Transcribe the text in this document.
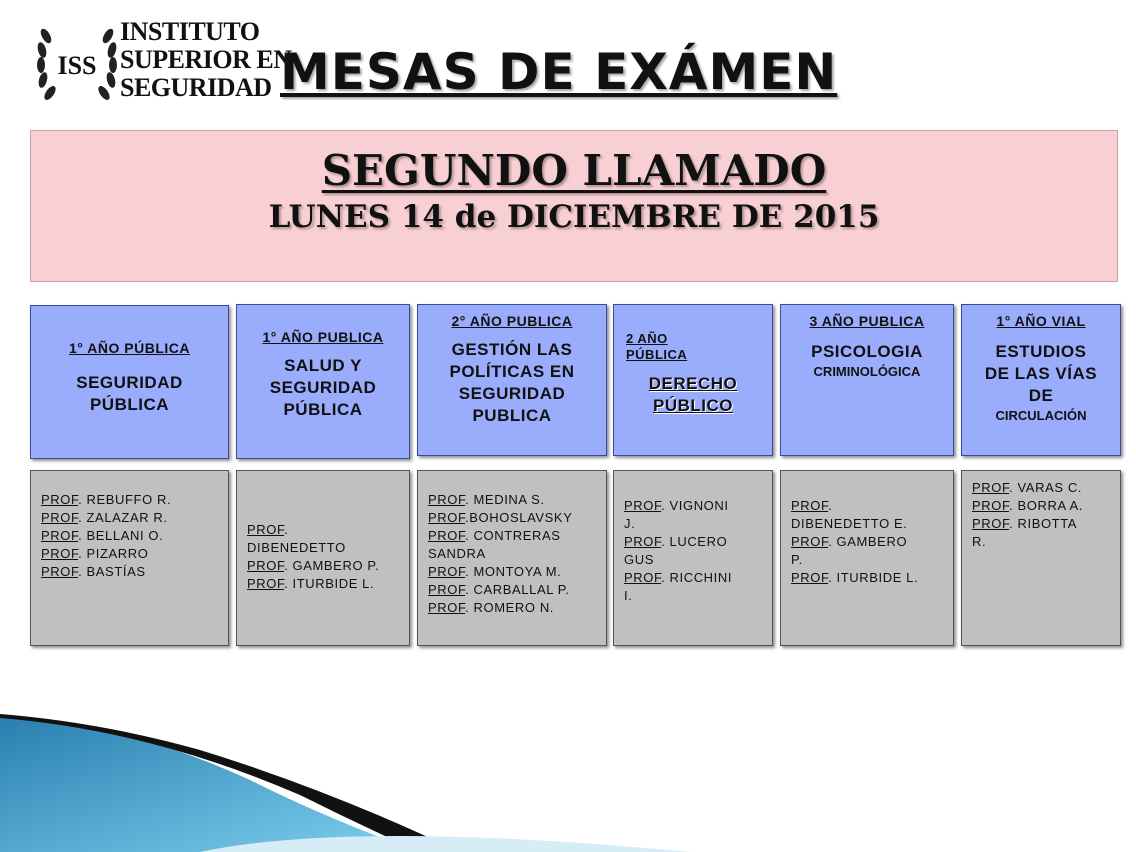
ISS
INSTITUTO
SUPERIOR EN
SEGURIDAD MESAS DE EXÁMEN
SEGUNDO LLAMADO
LUNES 14 de DICIEMBRE DE 2015
1° AÑO PÚBLICA
SEGURIDAD
PÚBLICA
PROF. REBUFFO R.
PROF. ZALAZAR R.
PROF. BELLANI O.
PROF. PIZARRO
PROF. BASTÍAS
1° AÑO PUBLICA
SALUD Y
SEGURIDAD
PÚBLICA
PROF.
DIBENEDETTO
PROF. GAMBERO P.
PROF. ITURBIDE L.
2° AÑO PUBLICA
GESTIÓN LAS
POLÍTICAS EN
SEGURIDAD
PUBLICA
PROF. MEDINA S.
PROF.BOHOSLAVSKY
PROF. CONTRERAS
SANDRA
PROF. MONTOYA M.
PROF. CARBALLAL P.
PROF. ROMERO N.
2 AÑO
PÚBLICA
DERECHO
PÚBLICO
PROF. VIGNONI
J.
PROF. LUCERO
GUS
PROF. RICCHINI
I.
3 AÑO PUBLICA
PSICOLOGIA
CRIMINOLÓGICA
PROF.
DIBENEDETTO E.
PROF. GAMBERO
P.
PROF. ITURBIDE L.
1° AÑO VIAL
ESTUDIOS
DE LAS VÍAS
DE
CIRCULACIÓN
PROF. VARAS C.
PROF. BORRA A.
PROF. RIBOTTA
R.
